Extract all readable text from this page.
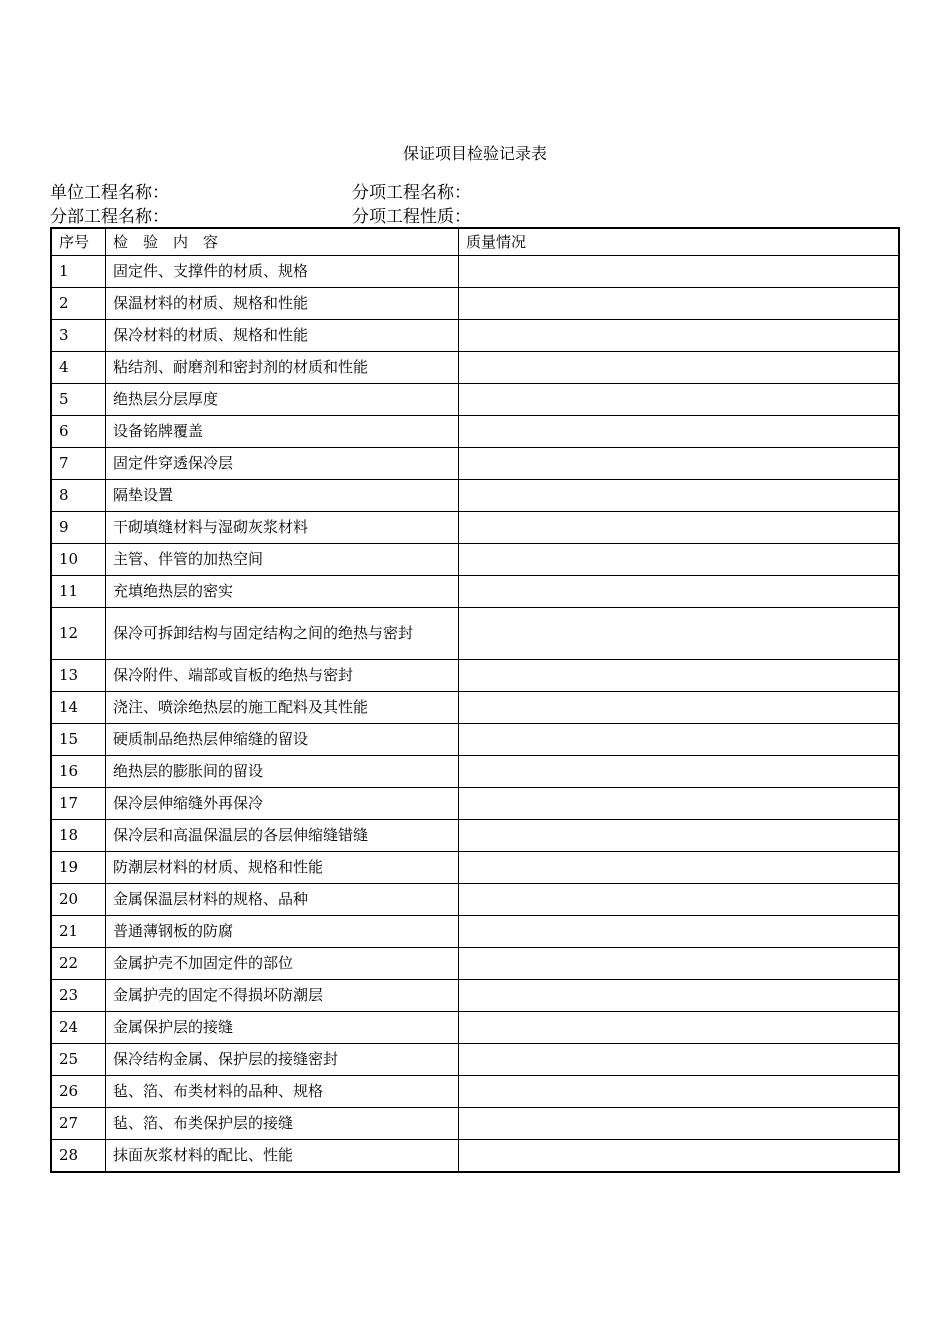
保证项目检验记录表
单位工程名称：	分项工程名称：
分部工程名称：	分项工程性质：
序号	检　验　内　容	质量情况
1	固定件、支撑件的材质、规格	
2	保温材料的材质、规格和性能	
3	保冷材料的材质、规格和性能	
4	粘结剂、耐磨剂和密封剂的材质和性能	
5	绝热层分层厚度	
6	设备铭牌覆盖	
7	固定件穿透保冷层	
8	隔垫设置	
9	干砌填缝材料与湿砌灰浆材料	
10	主管、伴管的加热空间	
11	充填绝热层的密实	
12	保冷可拆卸结构与固定结构之间的绝热与密封	
13	保冷附件、端部或盲板的绝热与密封	
14	浇注、喷涂绝热层的施工配料及其性能	
15	硬质制品绝热层伸缩缝的留设	
16	绝热层的膨胀间的留设	
17	保冷层伸缩缝外再保冷	
18	保冷层和高温保温层的各层伸缩缝错缝	
19	防潮层材料的材质、规格和性能	
20	金属保温层材料的规格、品种	
21	普通薄钢板的防腐	
22	金属护壳不加固定件的部位	
23	金属护壳的固定不得损坏防潮层	
24	金属保护层的接缝	
25	保冷结构金属、保护层的接缝密封	
26	毡、箔、布类材料的品种、规格	
27	毡、箔、布类保护层的接缝	
28	抹面灰浆材料的配比、性能	
